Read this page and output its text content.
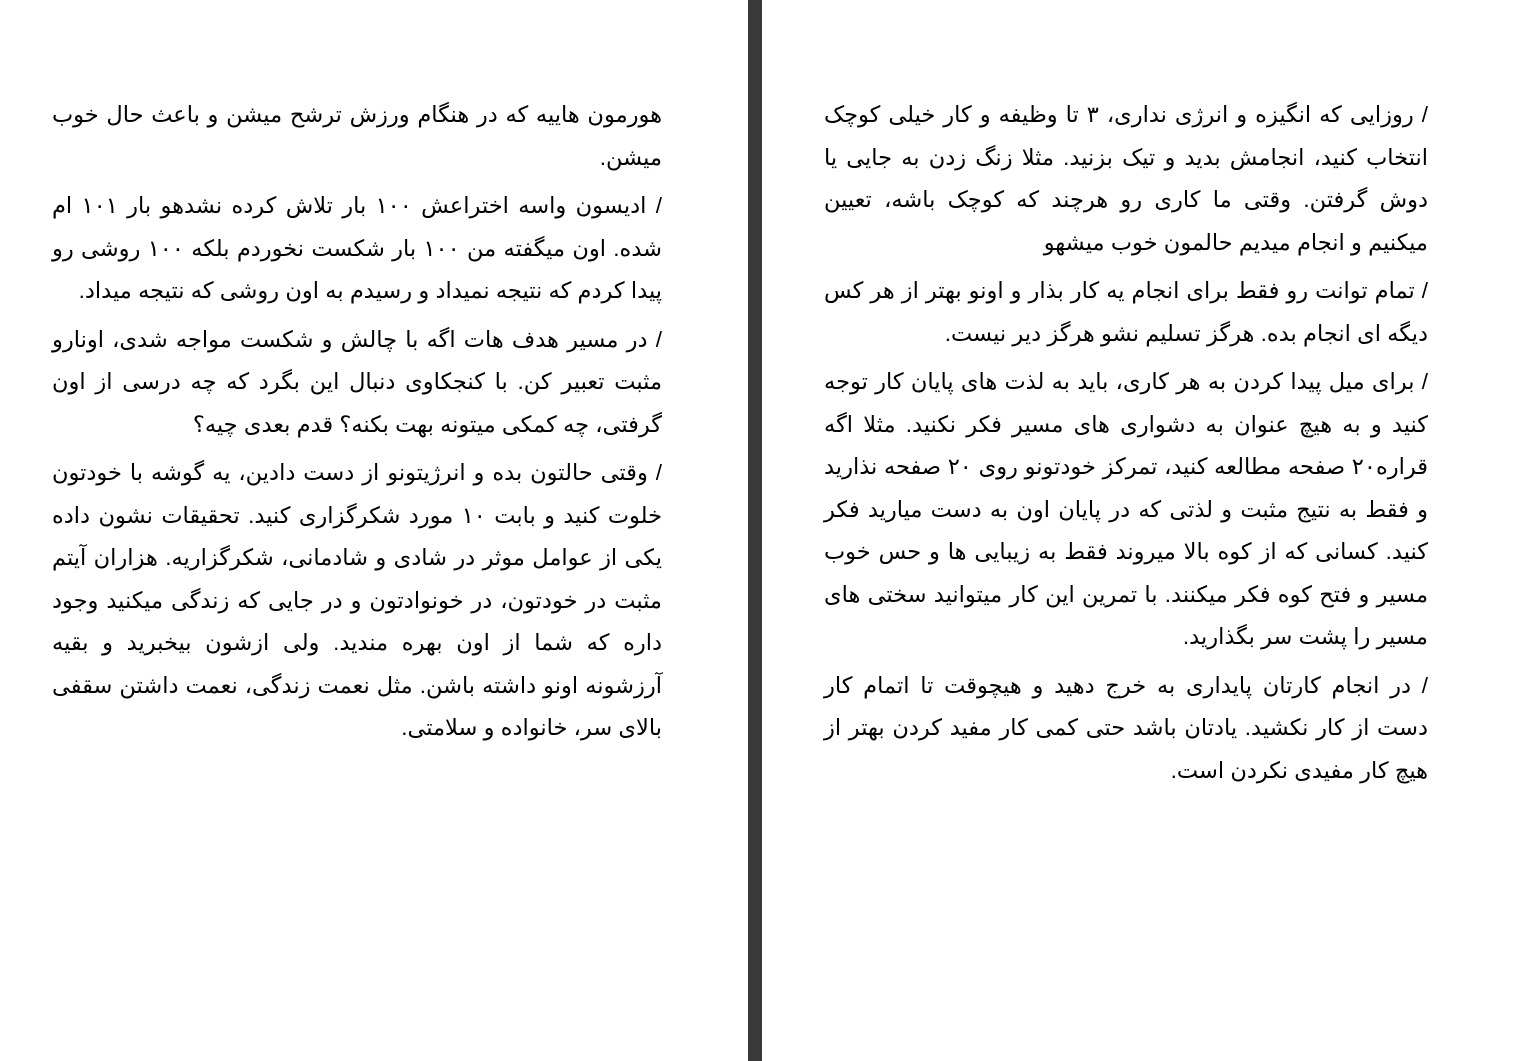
هورمون هاییه که در هنگام ورزش ترشح میشن و باعث حال خوب میشن.

/ ادیسون واسه اختراعش ۱۰۰ بار تلاش کرده نشدهو بار ۱۰۱ ام شده. اون میگفته من ۱۰۰ بار شکست نخوردم بلکه ۱۰۰ روشی رو پیدا کردم که نتیجه نمیداد و رسیدم به اون روشی که نتیجه میداد.

/ در مسیر هدف هات اگه با چالش و شکست مواجه شدی، اونارو مثبت تعبیر کن. با کنجکاوی دنبال این بگرد که چه درسی از اون گرفتی، چه کمکی میتونه بهت بکنه؟ قدم بعدی چیه؟

/ وقتی حالتون بده و انرژیتونو از دست دادین، یه گوشه با خودتون خلوت کنید و بابت ۱۰ مورد شکرگزاری کنید. تحقیقات نشون داده یکی از عوامل موثر در شادی و شادمانی، شکرگزاریه. هزاران آیتم مثبت در خودتون، در خونوادتون و در جایی که زندگی میکنید وجود داره که شما از اون بهره مندید. ولی ازشون بیخبرید و بقیه آرزشونه اونو داشته باشن. مثل نعمت زندگی، نعمت داشتن سقفی بالای سر، خانواده و سلامتی.

/ روزایی که انگیزه و انرژی نداری، ۳ تا وظیفه و کار خیلی کوچک انتخاب کنید، انجامش بدید و تیک بزنید. مثلا زنگ زدن به جایی یا دوش گرفتن. وقتی ما کاری رو هرچند که کوچک باشه، تعیین میکنیم و انجام میدیم حالمون خوب میشهو

/ تمام توانت رو فقط برای انجام یه کار بذار و اونو بهتر از هر کس دیگه ای انجام بده. هرگز تسلیم نشو هرگز دیر نیست.

/ برای میل پیدا کردن به هر کاری، باید به لذت های پایان کار توجه کنید و به هیچ عنوان به دشواری های مسیر فکر نکنید. مثلا اگه قراره۲۰ صفحه مطالعه کنید، تمرکز خودتونو روی ۲۰ صفحه نذارید و فقط به نتیج مثبت و لذتی که در پایان اون به دست میارید فکر کنید. کسانی که از کوه بالا میروند فقط به زیبایی ها و حس خوب مسیر و فتح کوه فکر میکنند. با تمرین این کار میتوانید سختی های مسیر را پشت سر بگذارید.

/ در انجام کارتان پایداری به خرج دهید و هیچوقت تا اتمام کار دست از کار نکشید. یادتان باشد حتی کمی کار مفید کردن بهتر از هیچ کار مفیدی نکردن است.
